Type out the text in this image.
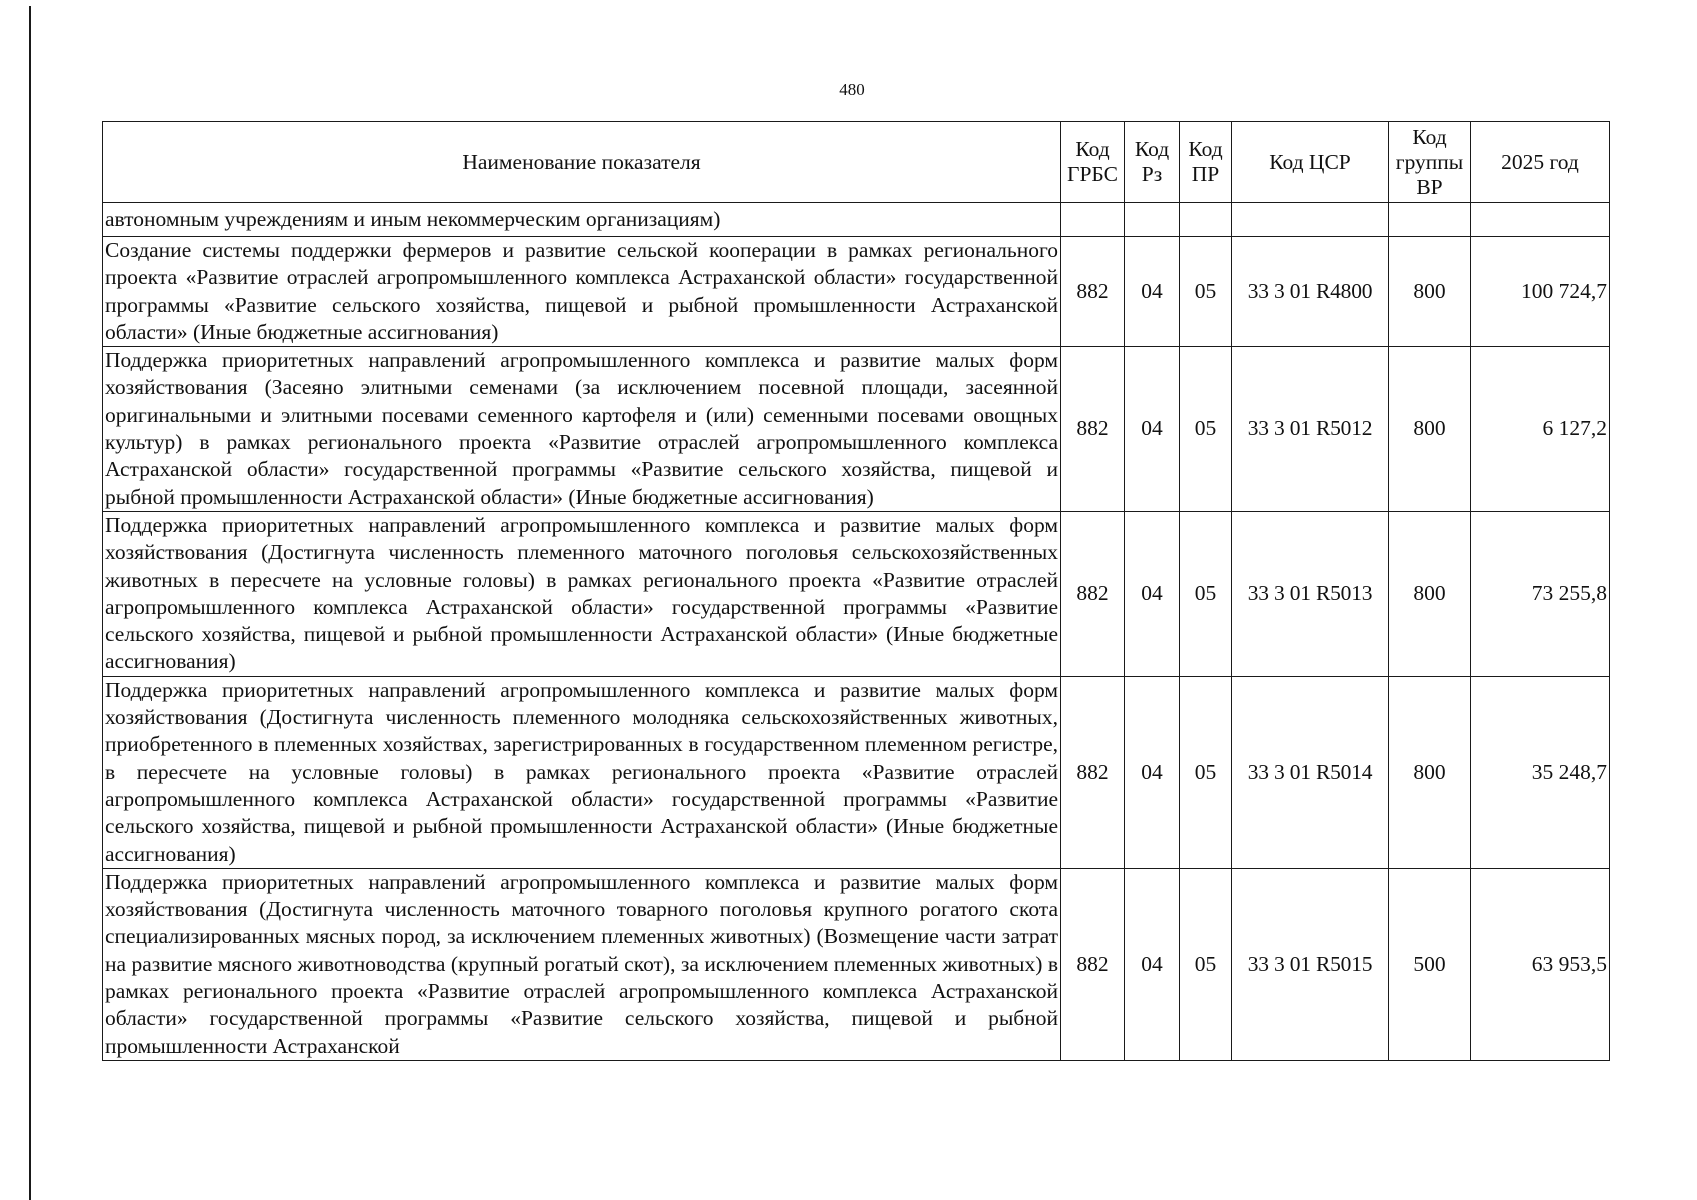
480
Наименование показателя	Код ГРБС	Код Рз	Код ПР	Код ЦСР	Код группы ВР	2025 год
автономным учреждениям и иным некоммерческим организациям)						
Создание системы поддержки фермеров и развитие сельской кооперации в рамках регионального проекта «Развитие отраслей агропромышленного комплекса Астраханской области» государственной программы «Развитие сельского хозяйства, пищевой и рыбной промышленности Астраханской области» (Иные бюджетные ассигнования)	882	04	05	33 3 01 R4800	800	100 724,7
Поддержка приоритетных направлений агропромышленного комплекса и развитие малых форм хозяйствования (Засеяно элитными семенами (за исключением посевной площади, засеянной оригинальными и элитными посевами семенного картофеля и (или) семенными посевами овощных культур) в рамках регионального проекта «Развитие отраслей агропромышленного комплекса Астраханской области» государственной программы «Развитие сельского хозяйства, пищевой и рыбной промышленности Астраханской области» (Иные бюджетные ассигнования)	882	04	05	33 3 01 R5012	800	6 127,2
Поддержка приоритетных направлений агропромышленного комплекса и развитие малых форм хозяйствования (Достигнута численность племенного маточного поголовья сельскохозяйственных животных в пересчете на условные головы) в рамках регионального проекта «Развитие отраслей агропромышленного комплекса Астраханской области» государственной программы «Развитие сельского хозяйства, пищевой и рыбной промышленности Астраханской области» (Иные бюджетные ассигнования)	882	04	05	33 3 01 R5013	800	73 255,8
Поддержка приоритетных направлений агропромышленного комплекса и развитие малых форм хозяйствования (Достигнута численность племенного молодняка сельскохозяйственных животных, приобретенного в племенных хозяйствах, зарегистрированных в государственном племенном регистре, в пересчете на условные головы) в рамках регионального проекта «Развитие отраслей агропромышленного комплекса Астраханской области» государственной программы «Развитие сельского хозяйства, пищевой и рыбной промышленности Астраханской области» (Иные бюджетные ассигнования)	882	04	05	33 3 01 R5014	800	35 248,7
Поддержка приоритетных направлений агропромышленного комплекса и развитие малых форм хозяйствования (Достигнута численность маточного товарного поголовья крупного рогатого скота специализированных мясных пород, за исключением племенных животных) (Возмещение части затрат на развитие мясного животноводства (крупный рогатый скот), за исключением племенных животных) в рамках регионального проекта «Развитие отраслей агропромышленного комплекса Астраханской области» государственной программы «Развитие сельского хозяйства, пищевой и рыбной промышленности Астраханской	882	04	05	33 3 01 R5015	500	63 953,5
